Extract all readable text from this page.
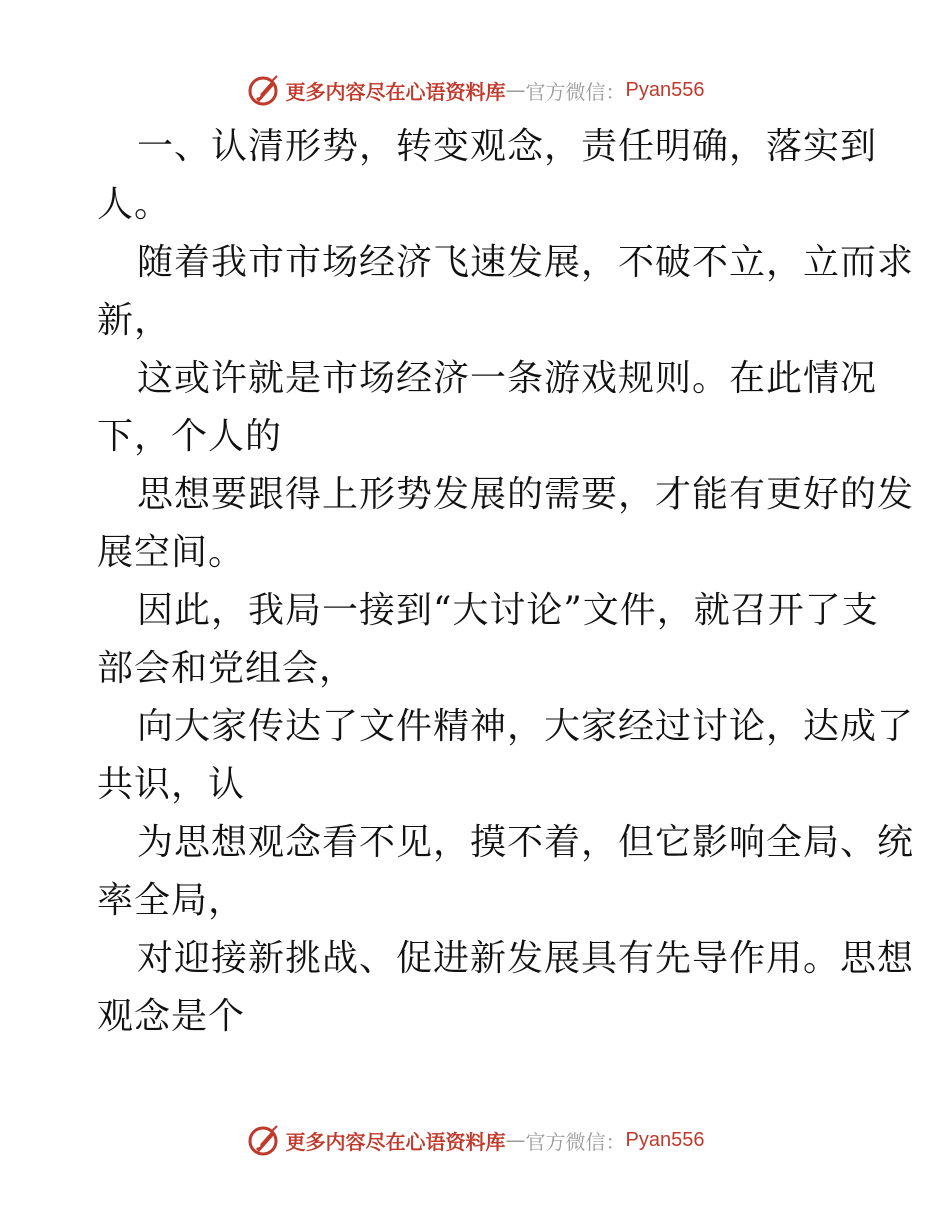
更多内容尽在心语资料库 — 官方微信： Pyan556
一、认清形势，转变观念，责任明确，落实到
人。
随着我市市场经济飞速发展，不破不立，立而求
新，
这或许就是市场经济一条游戏规则。在此情况
下，个人的
思想要跟得上形势发展的需要，才能有更好的发
展空间。
因此，我局一接到“大讨论”文件，就召开了支
部会和党组会，
向大家传达了文件精神，大家经过讨论，达成了
共识，认
为思想观念看不见，摸不着，但它影响全局、统
率全局，
对迎接新挑战、促进新发展具有先导作用。思想
观念是个
更多内容尽在心语资料库 — 官方微信： Pyan556
